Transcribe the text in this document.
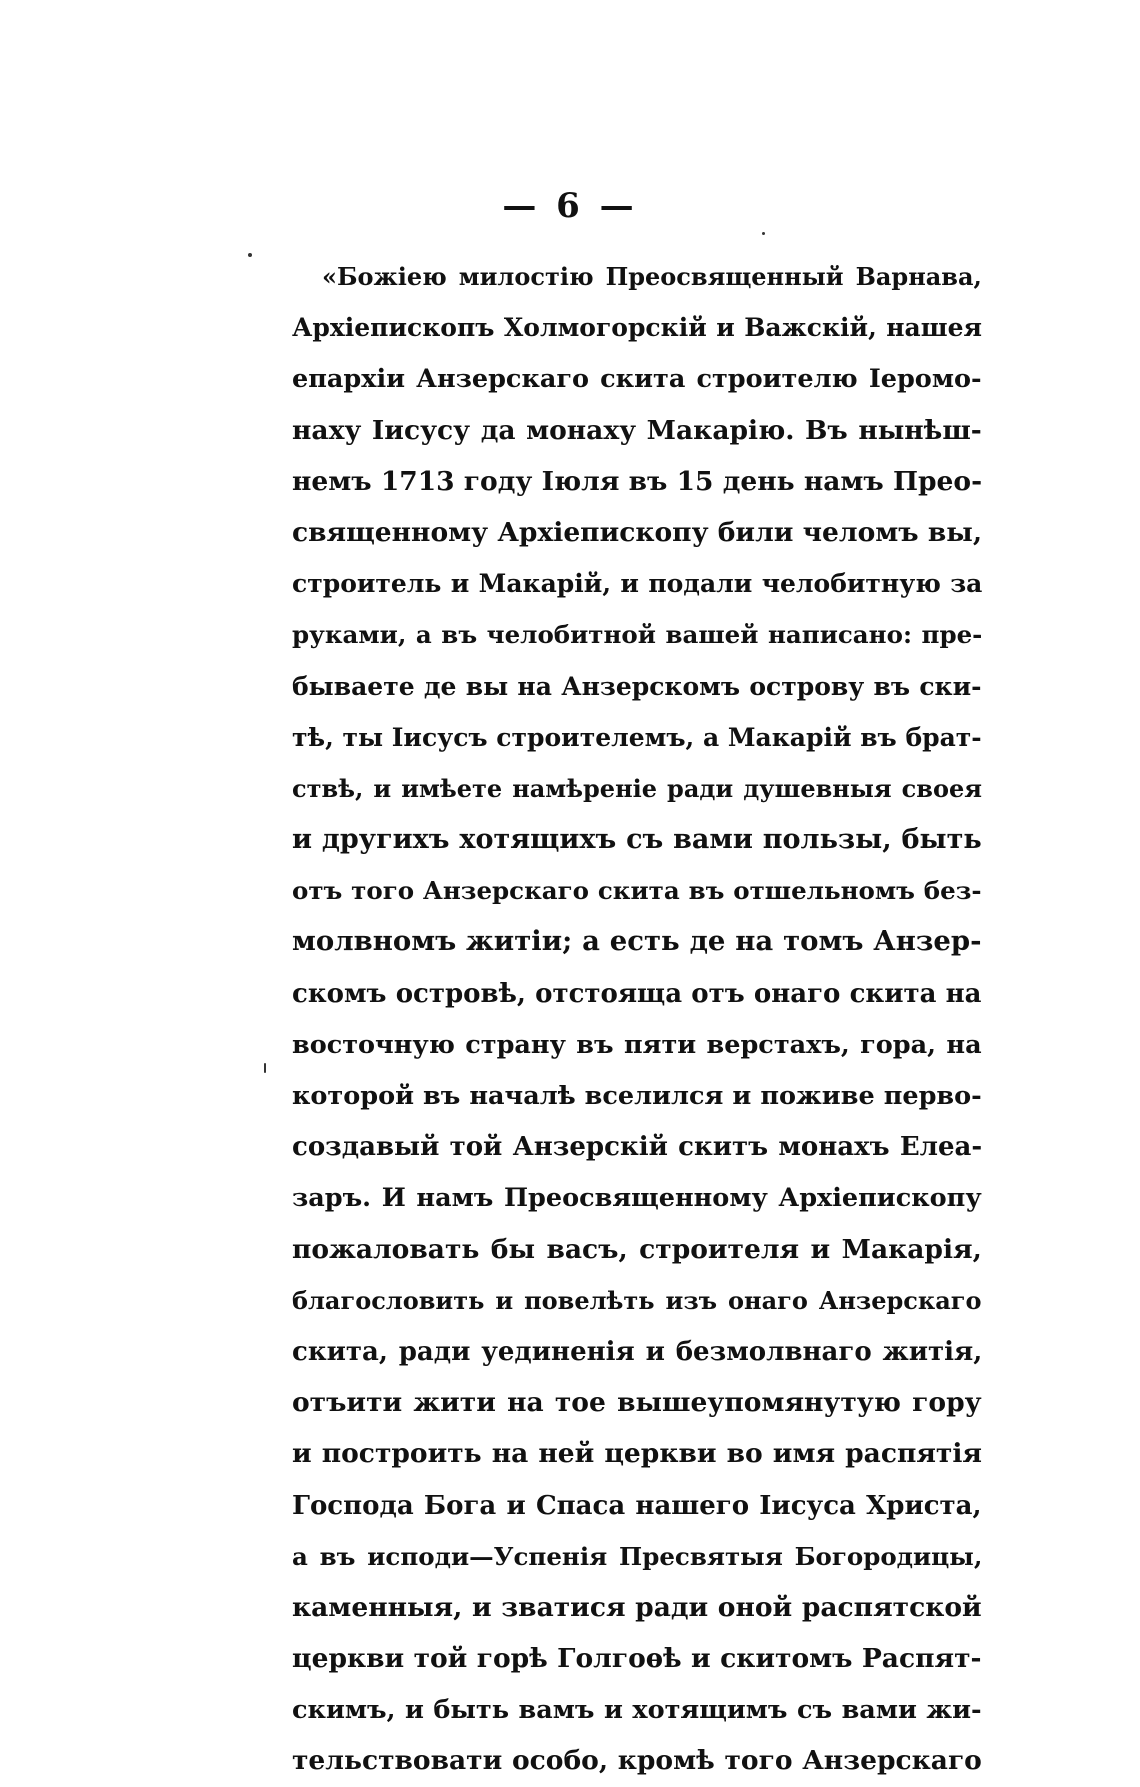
— 6 —
«Божіею милостію Преосвященный Варнава,
Архіепископъ Холмогорскій и Важскій, нашея
епархіи Анзерскаго скита строителю Іеромо-
наху Іисусу да монаху Макарію. Въ нынѣш-
немъ 1713 году Іюля въ 15 день намъ Прео-
священному Архіепископу били челомъ вы,
строитель и Макарій, и подали челобитную за
руками, а въ челобитной вашей написано: пре-
бываете де вы на Анзерскомъ острову въ ски-
тѣ, ты Іисусъ строителемъ, а Макарій въ брат-
ствѣ, и имѣете намѣреніе ради душевныя своея
и другихъ хотящихъ съ вами пользы, быть
отъ того Анзерскаго скита въ отшельномъ без-
молвномъ житіи; а есть де на томъ Анзер-
скомъ островѣ, отстояща отъ онаго скита на
восточную страну въ пяти верстахъ, гора, на
которой въ началѣ вселился и поживе перво-
создавый той Анзерскій скитъ монахъ Елеа-
заръ. И намъ Преосвященному Архіепископу
пожаловать бы васъ, строителя и Макарія,
благословить и повелѣть изъ онаго Анзерскаго
скита, ради уединенія и безмолвнаго житія,
отъити жити на тое вышеупомянутую гору
и построить на ней церкви во имя распятія
Господа Бога и Спаса нашего Іисуса Христа,
а въ исподи—Успенія Пресвятыя Богородицы,
каменныя, и зватися ради оной распятской
церкви той горѣ Голгоѳѣ и скитомъ Распят-
скимъ, и быть вамъ и хотящимъ съ вами жи-
тельствовати особо, кромѣ того Анзерскаго
